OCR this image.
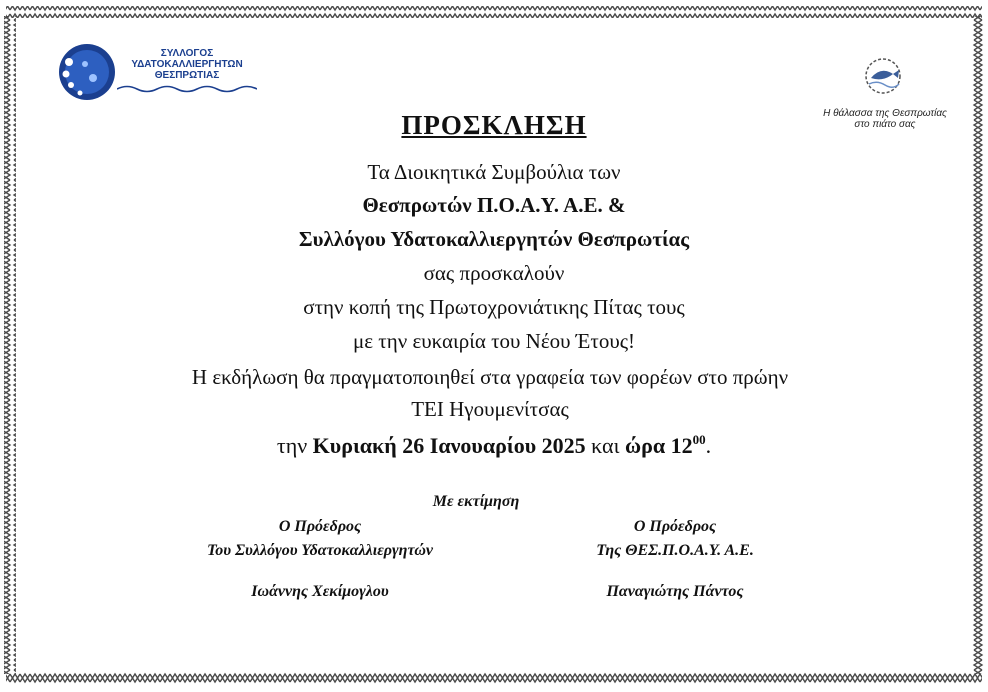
ΣΥΛΛΟΓΟΣ
ΥΔΑΤΟΚΑΛΛΙΕΡΓΗΤΩΝ
ΘΕΣΠΡΩΤΙΑΣ
Η θάλασσα της Θεσπρωτίας
στο πιάτο σας
ΠΡΟΣΚΛΗΣΗ
Τα Διοικητικά Συμβούλια των
Θεσπρωτών Π.Ο.Α.Υ. Α.Ε. &
Συλλόγου Υδατοκαλλιεργητών Θεσπρωτίας
σας προσκαλούν
στην κοπή της Πρωτοχρονιάτικης Πίτας τους
με την ευκαιρία του Νέου Έτους!
Η εκδήλωση θα πραγματοποιηθεί στα γραφεία των φορέων στο πρώην
ΤΕΙ Ηγουμενίτσας
την Κυριακή 26 Ιανουαρίου 2025 και ώρα $12^{00}$.
Με εκτίμηση
Ο Πρόεδρος
Του Συλλόγου Υδατοκαλλιεργητών
Ιωάννης Χεκίμογλου
Ο Πρόεδρος
Της ΘΕΣ.Π.Ο.Α.Υ. Α.Ε.
Παναγιώτης Πάντος
